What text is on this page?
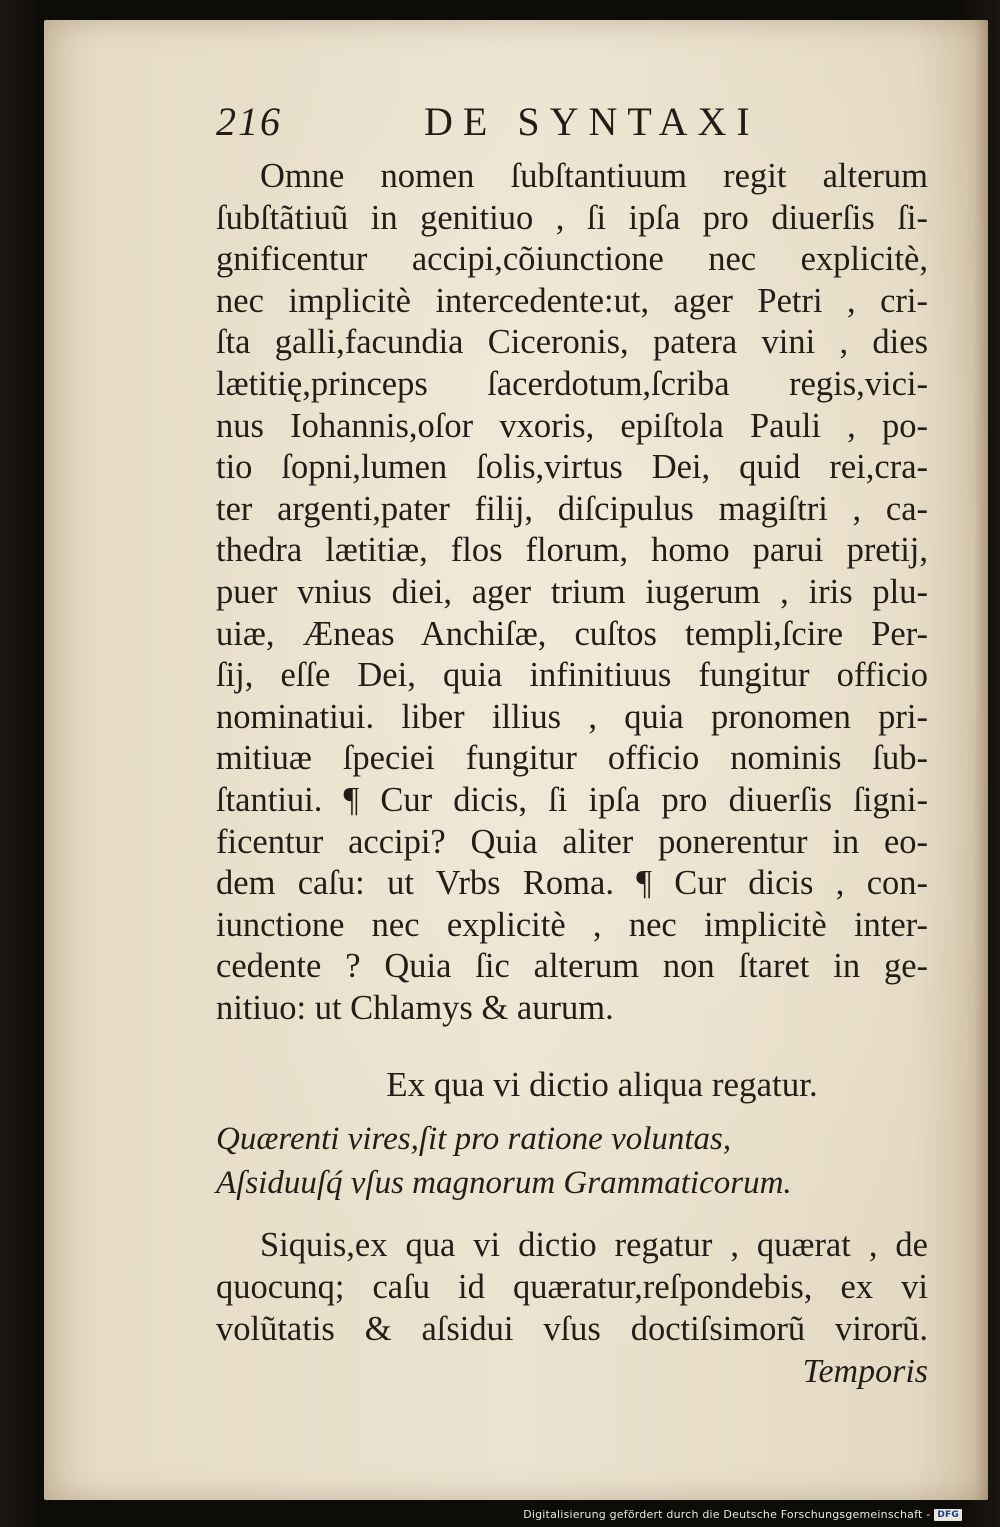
216	DE SYNTAXI

Omne nomen ſubſtantiuum regit alterum
ſubſtãtiuũ in genitiuo , ſi ipſa pro diuerſis ſi-
gnificentur accipi,cõiunctione nec explicitè,
nec implicitè intercedente:ut, ager Petri , cri-
ſta galli,facundia Ciceronis, patera vini , dies
lætitię,princeps ſacerdotum,ſcriba regis,vici-
nus Iohannis,oſor vxoris, epiſtola Pauli , po-
tio ſopni,lumen ſolis,virtus Dei, quid rei,cra-
ter argenti,pater filij, diſcipulus magiſtri , ca-
thedra lætitiæ, flos florum, homo parui pretij,
puer vnius diei, ager trium iugerum , iris plu-
uiæ, Æneas Anchiſæ, cuſtos templi,ſcire Per-
ſij, eſſe Dei, quia infinitiuus fungitur officio
nominatiui. liber illius , quia pronomen pri-
mitiuæ ſpeciei fungitur officio nominis ſub-
ſtantiui. ¶ Cur dicis, ſi ipſa pro diuerſis ſigni-
ficentur accipi? Quia aliter ponerentur in eo-
dem caſu: ut Vrbs Roma. ¶ Cur dicis , con-
iunctione nec explicitè , nec implicitè inter-
cedente ? Quia ſic alterum non ſtaret in ge-
nitiuo: ut Chlamys & aurum.

Ex qua vi dictio aliqua regatur.

Quærenti vires,ſit pro ratione voluntas,
Aſsiduuſq́ vſus magnorum Grammaticorum.

Siquis,ex qua vi dictio regatur , quærat , de
quocunq; caſu id quæratur,reſpondebis, ex vi
volũtatis & aſsidui vſus doctiſsimorũ virorũ.

Temporis
Digitalisierung gefördert durch die Deutsche Forschungsgemeinschaft - DFG
